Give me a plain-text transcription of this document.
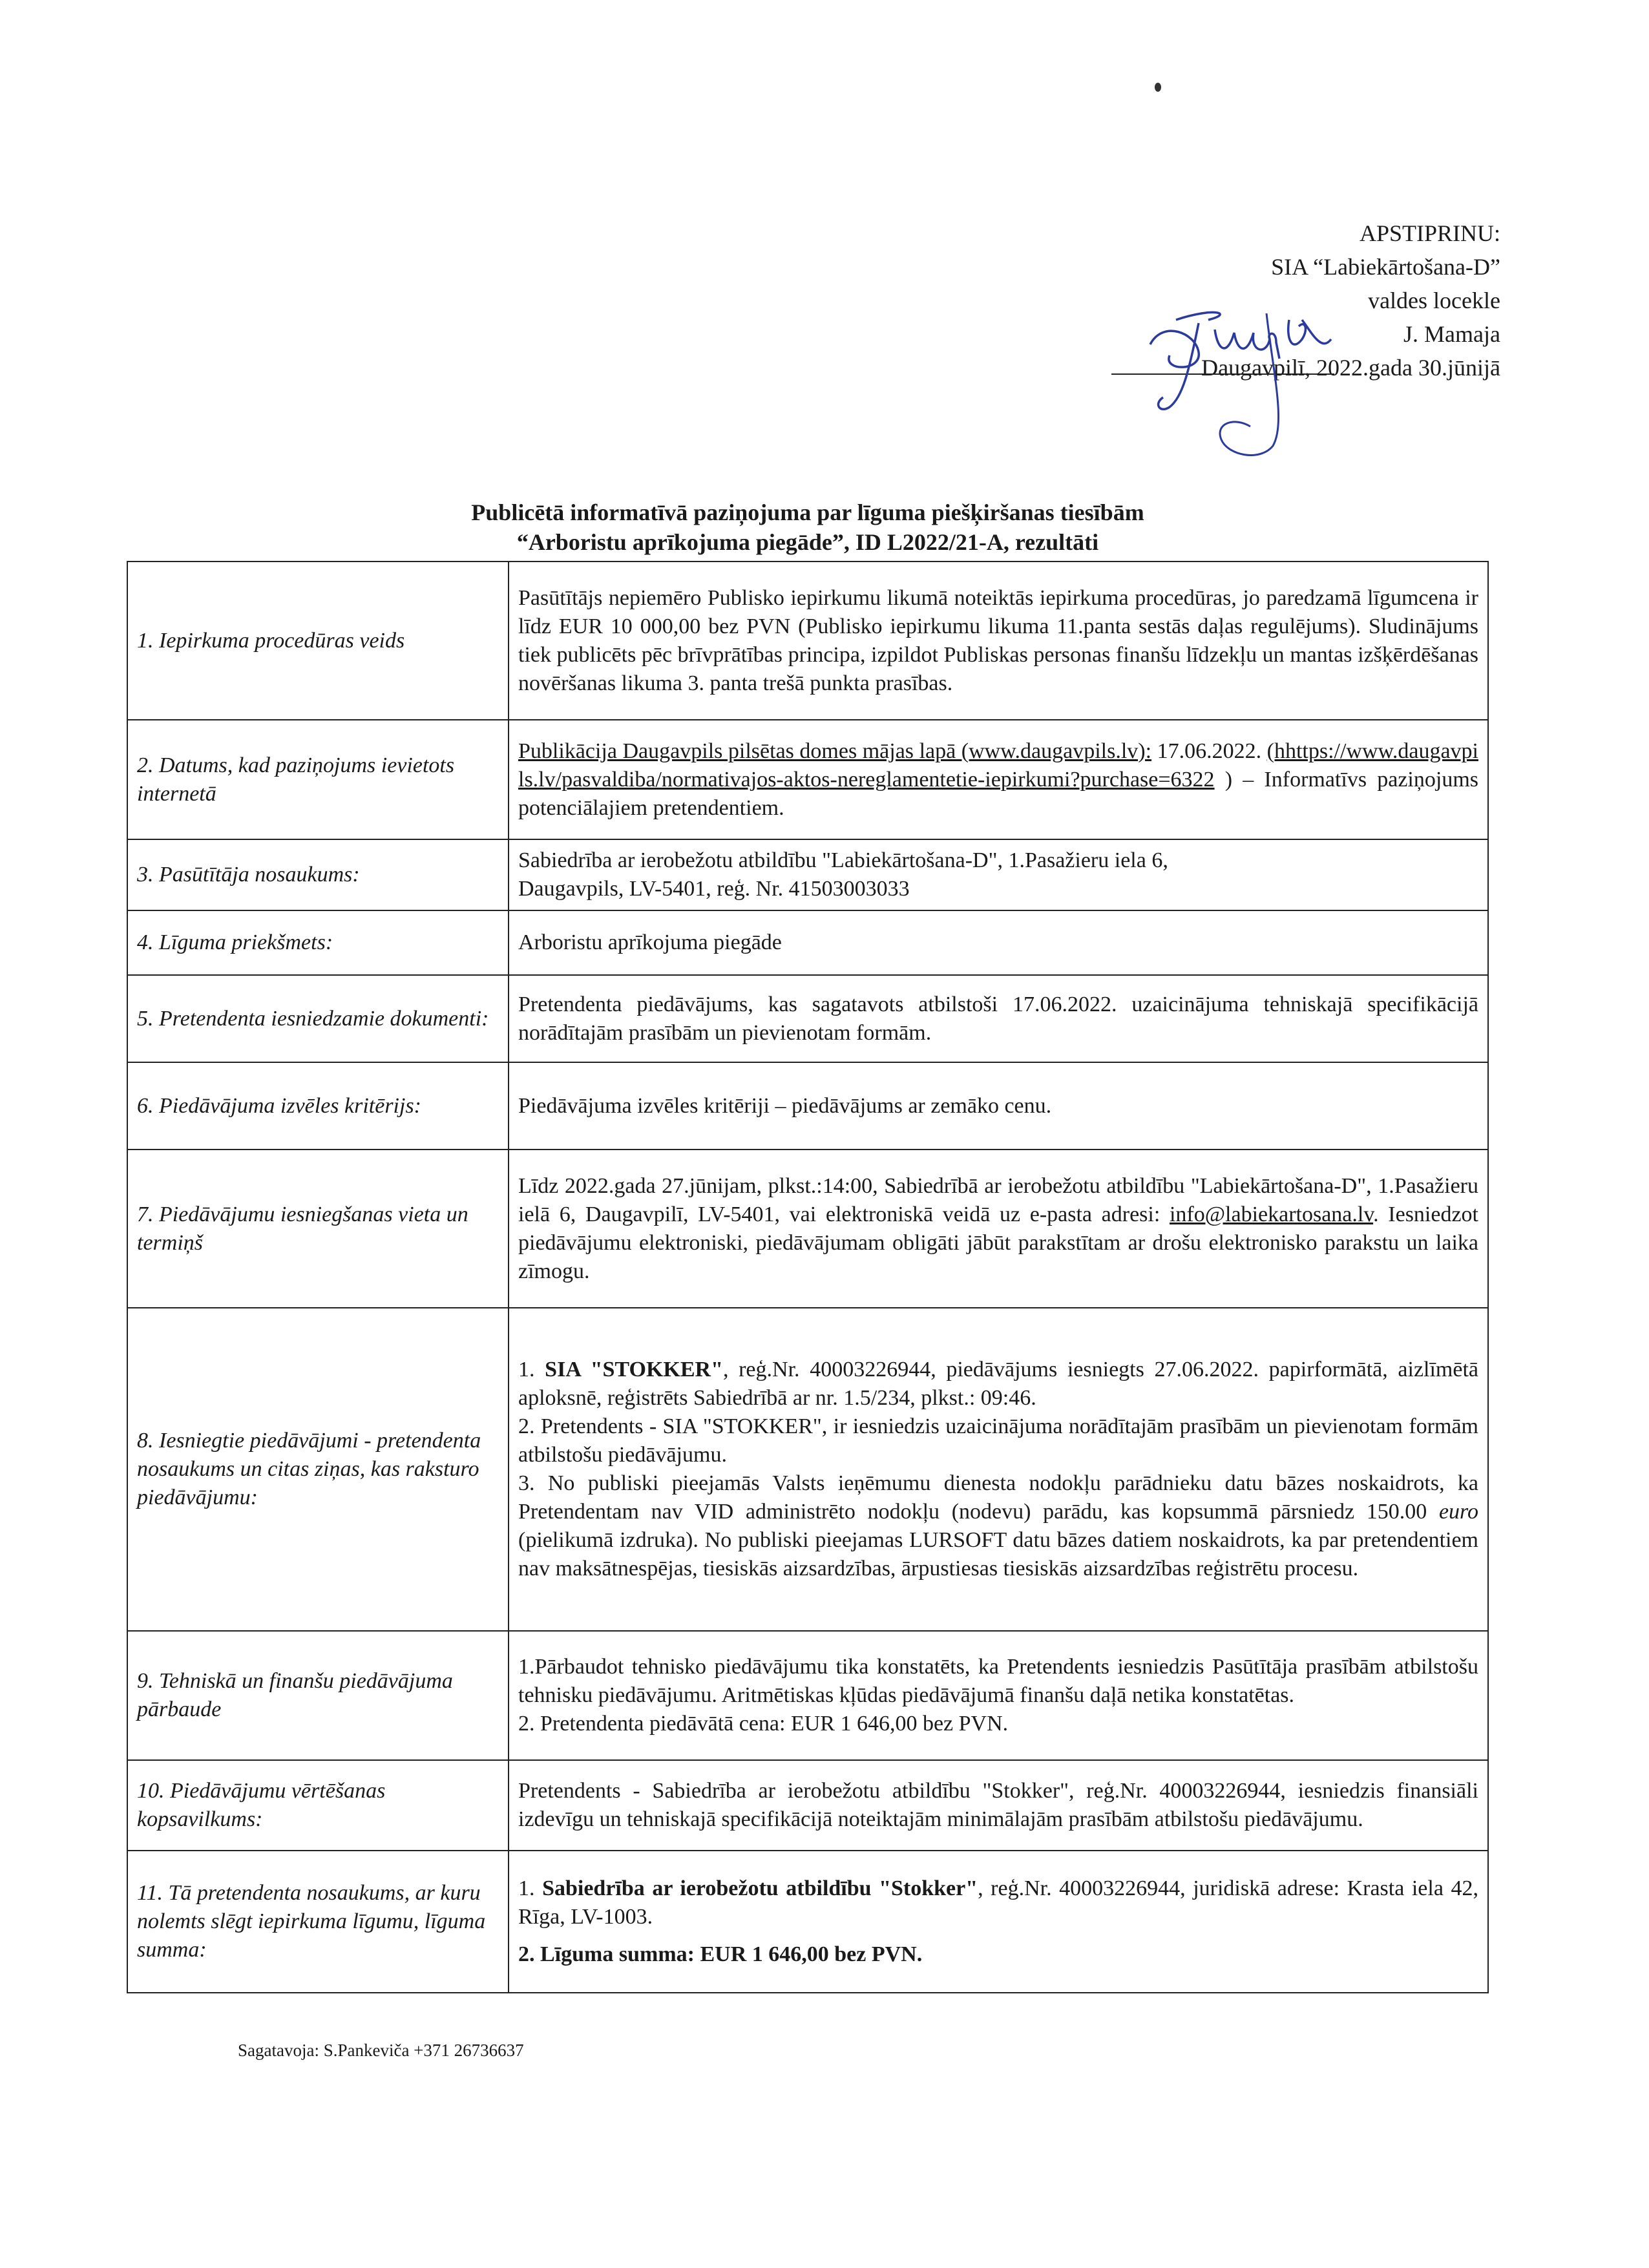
APSTIPRINU:
SIA “Labiekārtošana-D”
valdes locekle
J. Mamaja
Daugavpilī, 2022.gada 30.jūnijā
Publicētā informatīvā paziņojuma par līguma piešķiršanas tiesībām
“Arboristu aprīkojuma piegāde”, ID L2022/21-A, rezultāti
1. Iepirkuma procedūras veids	Pasūtītājs nepiemēro Publisko iepirkumu likumā noteiktās iepirkuma procedūras, jo paredzamā līgumcena ir līdz EUR 10 000,00 bez PVN (Publisko iepirkumu likuma 11.panta sestās daļas regulējums). Sludinājums tiek publicēts pēc brīvprātības principa, izpildot Publiskas personas finanšu līdzekļu un mantas izšķērdēšanas novēršanas likuma 3. panta trešā punkta prasības.
2. Datums, kad paziņojums ievietots internetā	Publikācija Daugavpils pilsētas domes mājas lapā (www.daugavpils.lv): 17.06.2022. (hhttps://www.daugavpils.lv/pasvaldiba/normativajos-aktos-nereglamentetie-iepirkumi?purchase=6322 ) – Informatīvs paziņojums potenciālajiem pretendentiem.
3. Pasūtītāja nosaukums:	Sabiedrība ar ierobežotu atbildību "Labiekārtošana-D", 1.Pasažieru iela 6,
Daugavpils, LV-5401, reģ. Nr. 41503003033

4. Līguma priekšmets:	Arboristu aprīkojuma piegāde
5. Pretendenta iesniedzamie dokumenti:	Pretendenta piedāvājums, kas sagatavots atbilstoši 17.06.2022. uzaicinājuma tehniskajā specifikācijā norādītajām prasībām un pievienotam formām.
6. Piedāvājuma izvēles kritērijs:	Piedāvājuma izvēles kritēriji – piedāvājums ar zemāko cenu.
7. Piedāvājumu iesniegšanas vieta un termiņš	Līdz 2022.gada 27.jūnijam, plkst.:14:00, Sabiedrībā ar ierobežotu atbildību "Labiekārtošana-D", 1.Pasažieru ielā 6, Daugavpilī, LV-5401, vai elektroniskā veidā uz e-pasta adresi: info@labiekartosana.lv. Iesniedzot piedāvājumu elektroniski, piedāvājumam obligāti jābūt parakstītam ar drošu elektronisko parakstu un laika zīmogu.
8. Iesniegtie piedāvājumi - pretendenta nosaukums un citas ziņas, kas raksturo piedāvājumu:	1. SIA "STOKKER", reģ.Nr. 40003226944, piedāvājums iesniegts 27.06.2022. papirformātā, aizlīmētā aploksnē, reģistrēts Sabiedrībā ar nr. 1.5/234, plkst.: 09:46.
2. Pretendents - SIA "STOKKER", ir iesniedzis uzaicinājuma norādītajām prasībām un pievienotam formām atbilstošu piedāvājumu.
3. No publiski pieejamās Valsts ieņēmumu dienesta nodokļu parādnieku datu bāzes noskaidrots, ka Pretendentam nav VID administrēto nodokļu (nodevu) parādu, kas kopsummā pārsniedz 150.00 euro (pielikumā izdruka). No publiski pieejamas LURSOFT datu bāzes datiem noskaidrots, ka par pretendentiem nav maksātnespējas, tiesiskās aizsardzības, ārpustiesas tiesiskās aizsardzības reģistrētu procesu.

9. Tehniskā un finanšu piedāvājuma pārbaude	1.Pārbaudot tehnisko piedāvājumu tika konstatēts, ka Pretendents iesniedzis Pasūtītāja prasībām atbilstošu tehnisku piedāvājumu. Aritmētiskas kļūdas piedāvājumā finanšu daļā netika konstatētas.
2. Pretendenta piedāvātā cena: EUR 1 646,00 bez PVN.

10. Piedāvājumu vērtēšanas kopsavilkums:	Pretendents - Sabiedrība ar ierobežotu atbildību "Stokker", reģ.Nr. 40003226944, iesniedzis finansiāli izdevīgu un tehniskajā specifikācijā noteiktajām minimālajām prasībām atbilstošu piedāvājumu.
11. Tā pretendenta nosaukums, ar kuru nolemts slēgt iepirkuma līgumu, līguma summa:	1. Sabiedrība ar ierobežotu atbildību "Stokker", reģ.Nr. 40003226944, juridiskā adrese: Krasta iela 42, Rīga, LV-1003.
2. Līguma summa: EUR 1 646,00 bez PVN.
Sagatavoja: S.Pankeviča +371 26736637
